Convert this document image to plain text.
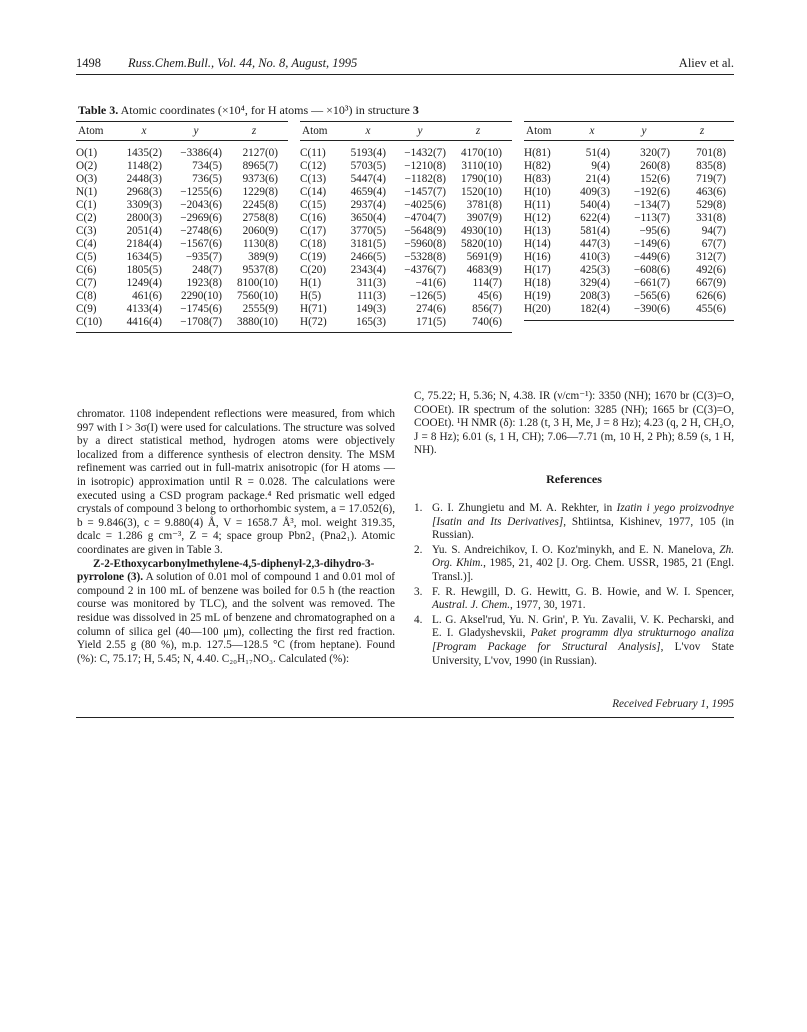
1498 Russ.Chem.Bull., Vol. 44, No. 8, August, 1995	Aliev et al.
Table 3. Atomic coordinates (×10⁴, for H atoms — ×10³) in structure 3
Atom	x	y	z
O(1)	1435(2)	−3386(4)	2127(0)
O(2)	1148(2)	734(5)	8965(7)
O(3)	2448(3)	736(5)	9373(6)
N(1)	2968(3)	−1255(6)	1229(8)
C(1)	3309(3)	−2043(6)	2245(8)
C(2)	2800(3)	−2969(6)	2758(8)
C(3)	2051(4)	−2748(6)	2060(9)
C(4)	2184(4)	−1567(6)	1130(8)
C(5)	1634(5)	−935(7)	389(9)
C(6)	1805(5)	248(7)	9537(8)
C(7)	1249(4)	1923(8)	8100(10)
C(8)	461(6)	2290(10)	7560(10)
C(9)	4133(4)	−1745(6)	2555(9)
C(10)	4416(4)	−1708(7)	3880(10)
Atom	x	y	z
C(11)	5193(4)	−1432(7)	4170(10)
C(12)	5703(5)	−1210(8)	3110(10)
C(13)	5447(4)	−1182(8)	1790(10)
C(14)	4659(4)	−1457(7)	1520(10)
C(15)	2937(4)	−4025(6)	3781(8)
C(16)	3650(4)	−4704(7)	3907(9)
C(17)	3770(5)	−5648(9)	4930(10)
C(18)	3181(5)	−5960(8)	5820(10)
C(19)	2466(5)	−5328(8)	5691(9)
C(20)	2343(4)	−4376(7)	4683(9)
H(1)	311(3)	−41(6)	114(7)
H(5)	111(3)	−126(5)	45(6)
H(71)	149(3)	274(6)	856(7)
H(72)	165(3)	171(5)	740(6)
Atom	x	y	z
H(81)	51(4)	320(7)	701(8)
H(82)	9(4)	260(8)	835(8)
H(83)	21(4)	152(6)	719(7)
H(10)	409(3)	−192(6)	463(6)
H(11)	540(4)	−134(7)	529(8)
H(12)	622(4)	−113(7)	331(8)
H(13)	581(4)	−95(6)	94(7)
H(14)	447(3)	−149(6)	67(7)
H(16)	410(3)	−449(6)	312(7)
H(17)	425(3)	−608(6)	492(6)
H(18)	329(4)	−661(7)	667(9)
H(19)	208(3)	−565(6)	626(6)
H(20)	182(4)	−390(6)	455(6)

chromator. 1108 independent reflections were measured, from which 997 with I > 3σ(I) were used for calculations. The structure was solved by a direct statistical method, hydrogen atoms were objectively localized from a difference synthesis of electron density. The MSM refinement was carried out in full-matrix anisotropic (for H atoms — in isotropic) approximation until R = 0.028. The calculations were executed using a CSD program package.⁴ Red prismatic well edged crystals of compound 3 belong to orthorhombic system, a = 17.052(6), b = 9.846(3), c = 9.880(4) Å, V = 1658.7 Å³, mol. weight 319.35, dcalc = 1.286 g cm⁻³, Z = 4; space group Pbn2₁ (Pna2₁). Atomic coordinates are given in Table 3.

Z-2-Ethoxycarbonylmethylene-4,5-diphenyl-2,3-dihydro-3-pyrrolone (3). A solution of 0.01 mol of compound 1 and 0.01 mol of compound 2 in 100 mL of benzene was boiled for 0.5 h (the reaction course was monitored by TLC), and the solvent was removed. The residue was dissolved in 25 mL of benzene and chromatographed on a column of silica gel (40—100 μm), collecting the first red fraction. Yield 2.55 g (80 %), m.p. 127.5—128.5 °C (from heptane). Found (%): C, 75.17; H, 5.45; N, 4.40. C₂₀H₁₇NO₃. Calculated (%):

C, 75.22; H, 5.36; N, 4.38. IR (ν/cm⁻¹): 3350 (NH); 1670 br (C(3)=O, COOEt). IR spectrum of the solution: 3285 (NH); 1665 br (C(3)=O, COOEt). ¹H NMR (δ): 1.28 (t, 3 H, Me, J = 8 Hz); 4.23 (q, 2 H, CH₂O, J = 8 Hz); 6.01 (s, 1 H, CH); 7.06—7.71 (m, 10 H, 2 Ph); 8.59 (s, 1 H, NH).

References
1. G. I. Zhungietu and M. A. Rekhter, in Izatin i yego proizvodnye [Isatin and Its Derivatives], Shtiintsa, Kishinev, 1977, 105 (in Russian).
2. Yu. S. Andreichikov, I. O. Koz'minykh, and E. N. Manelova, Zh. Org. Khim., 1985, 21, 402 [J. Org. Chem. USSR, 1985, 21 (Engl. Transl.)].
3. F. R. Hewgill, D. G. Hewitt, G. B. Howie, and W. I. Spencer, Austral. J. Chem., 1977, 30, 1971.
4. L. G. Aksel'rud, Yu. N. Grin', P. Yu. Zavalii, V. K. Pecharski, and E. I. Gladyshevskii, Paket programm dlya strukturnogo analiza [Program Package for Structural Analysis], L'vov State University, L'vov, 1990 (in Russian).
Received February 1, 1995
